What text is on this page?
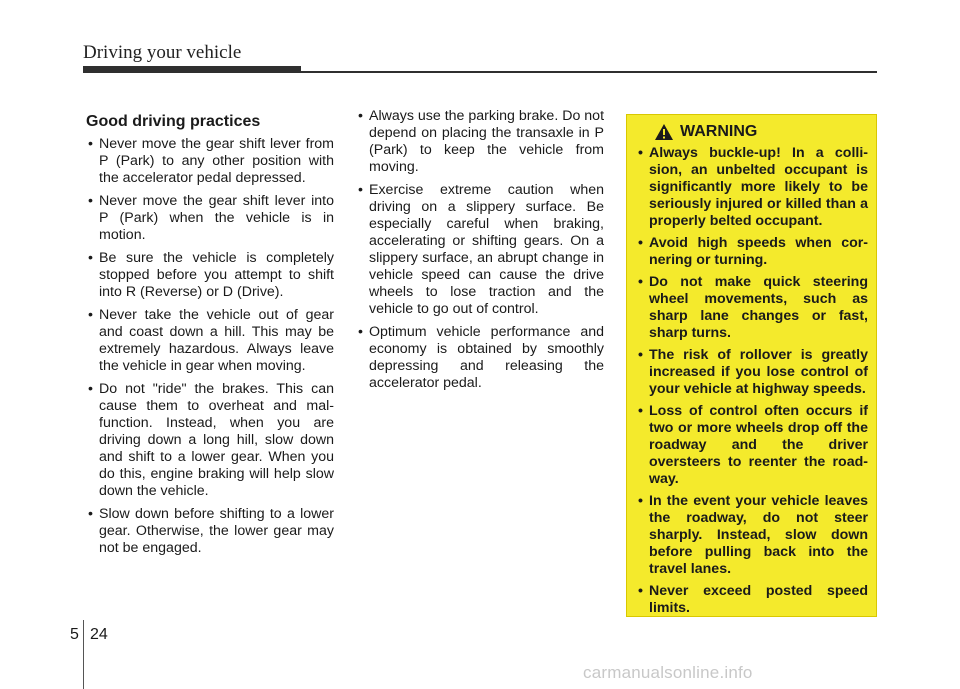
Driving your vehicle
Good driving practices
• Never move the gear shift lever from P (Park) to any other position with the accelerator pedal depressed.
• Never move the gear shift lever into P (Park) when the vehicle is in motion.
• Be sure the vehicle is completely stopped before you attempt to shift into R (Reverse) or D (Drive).
• Never take the vehicle out of gear and coast down a hill. This may be extremely hazardous. Always leave the vehicle in gear when moving.
• Do not "ride" the brakes. This can cause them to overheat and mal-function. Instead, when you are driving down a long hill, slow down and shift to a lower gear. When you do this, engine braking will help slow down the vehicle.
• Slow down before shifting to a lower gear. Otherwise, the lower gear may not be engaged.
• Always use the parking brake. Do not depend on placing the transaxle in P (Park) to keep the vehicle from moving.
• Exercise extreme caution when driving on a slippery surface. Be especially careful when braking, accelerating or shifting gears. On a slippery surface, an abrupt change in vehicle speed can cause the drive wheels to lose traction and the vehicle to go out of control.
• Optimum vehicle performance and economy is obtained by smoothly depressing and releasing the accelerator pedal.
WARNING
• Always buckle-up! In a colli-sion, an unbelted occupant is significantly more likely to be seriously injured or killed than a properly belted occupant.
• Avoid high speeds when cor-nering or turning.
• Do not make quick steering wheel movements, such as sharp lane changes or fast, sharp turns.
• The risk of rollover is greatly increased if you lose control of your vehicle at highway speeds.
• Loss of control often occurs if two or more wheels drop off the roadway and the driver oversteers to reenter the road-way.
• In the event your vehicle leaves the roadway, do not steer sharply. Instead, slow down before pulling back into the travel lanes.
• Never exceed posted speed limits.
5 24
carmanualsonline.info
